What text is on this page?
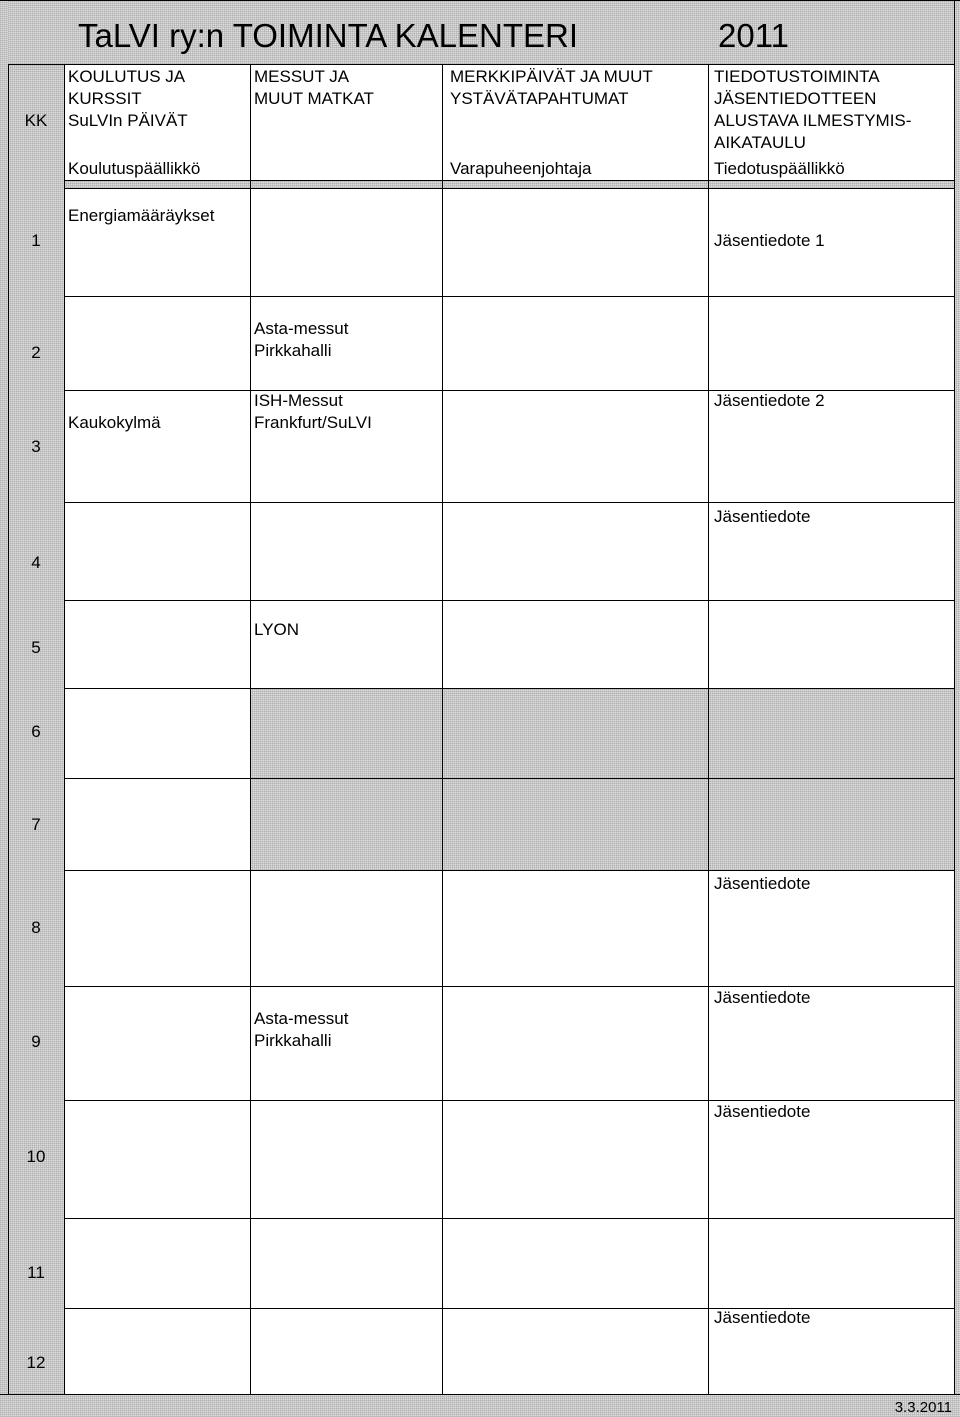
TaLVI ry:n TOIMINTA KALENTERI	2011
KK
KOULUTUS JA
KURSSIT
SuLVIn PÄIVÄT
Koulutuspäällikkö
MESSUT JA
MUUT MATKAT
MERKKIPÄIVÄT JA MUUT
YSTÄVÄTAPAHTUMAT
Varapuheenjohtaja
TIEDOTUSTOIMINTA
JÄSENTIEDOTTEEN
ALUSTAVA ILMESTYMIS-
AIKATAULU
Tiedotuspäällikkö
1
Energiamääräykset
Jäsentiedote 1
2
Asta-messut
Pirkkahalli
3
Kaukokylmä
ISH-Messut
Frankfurt/SuLVI
Jäsentiedote 2
4
Jäsentiedote
5
LYON
6
7
8
Jäsentiedote
9
Asta-messut
Pirkkahalli
Jäsentiedote
10
Jäsentiedote
11
12
Jäsentiedote
3.3.2011
